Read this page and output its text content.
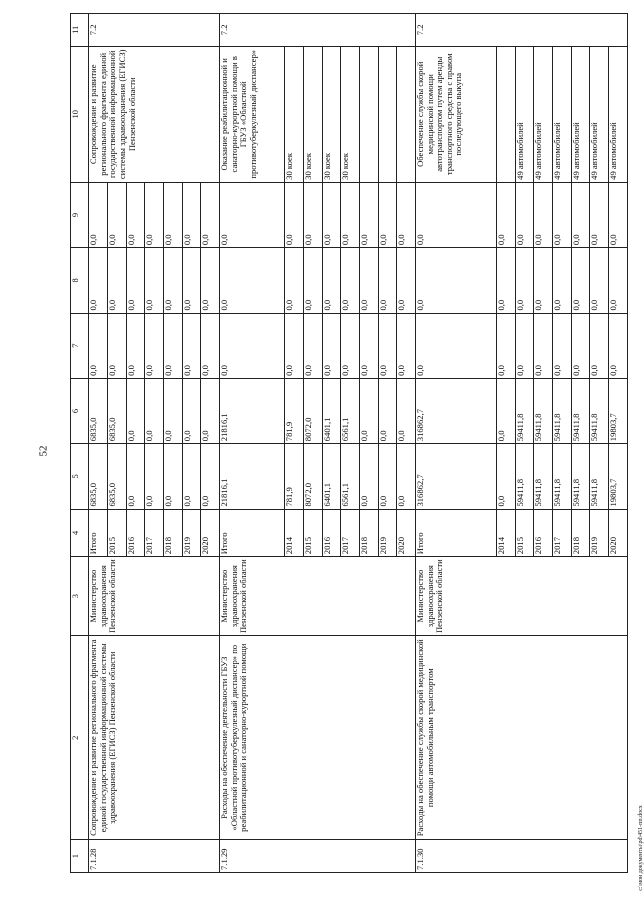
52
c:\мои документы\pd\451-пп.docx
1	2	3	4	5	6	7	8	9	10	11
7.1.28	Сопровождение и развитие регионального фрагмента единой государственной информационной системы здравоохранения (ЕГИСЗ) Пензенской области	Министерство здравоохранения Пензенской области	Итого	6835,0	6835,0	0,0	0,0	0,0	Сопровождение и развитие регионального фрагмента единой государственной информационной системы здравоохранения (ЕГИСЗ) Пензенской области	7.2
			2015	6835,0	6835,0	0,0	0,0	0,0		
			2016	0,0	0,0	0,0	0,0	0,0		
			2017	0,0	0,0	0,0	0,0	0,0		
			2018	0,0	0,0	0,0	0,0	0,0		
			2019	0,0	0,0	0,0	0,0	0,0		
			2020	0,0	0,0	0,0	0,0	0,0		
7.1.29	Расходы на обеспечение деятельности ГБУЗ «Областной противотуберкулезный диспансер» по реабилитационной и санаторно-курортной помощи	Министерство здравоохранения Пензенской области	Итого	21816,1	21816,1	0,0	0,0	0,0	Оказание реабилитационной и санаторно-курортной помощи в ГБУЗ «Областной противотуберкулезный диспансер»	7.2
			2014	781,9	781,9	0,0	0,0	0,0	30 коек	
			2015	8072,0	8072,0	0,0	0,0	0,0	30 коек	
			2016	6401,1	6401,1	0,0	0,0	0,0	30 коек	
			2017	6561,1	6561,1	0,0	0,0	0,0	30 коек	
			2018	0,0	0,0	0,0	0,0	0,0		
			2019	0,0	0,0	0,0	0,0	0,0		
			2020	0,0	0,0	0,0	0,0	0,0		
7.1.30	Расходы на обеспечение службы скорой медицинской помощи автомобильным транспортом	Министерство здравоохранения Пензенской области	Итого	316862,7	316862,7	0,0	0,0	0,0	Обеспечение службы скорой медицинской помощи автотранспортом путем аренды транспортного средства с правом последующего выкупа	7.2
			2014	0,0	0,0	0,0	0,0	0,0		
			2015	59411,8	59411,8	0,0	0,0	0,0	49 автомобилей	
			2016	59411,8	59411,8	0,0	0,0	0,0	49 автомобилей	
			2017	59411,8	59411,8	0,0	0,0	0,0	49 автомобилей	
			2018	59411,8	59411,8	0,0	0,0	0,0	49 автомобилей	
			2019	59411,8	59411,8	0,0	0,0	0,0	49 автомобилей	
			2020	19803,7	19803,7	0,0	0,0	0,0	49 автомобилей	
